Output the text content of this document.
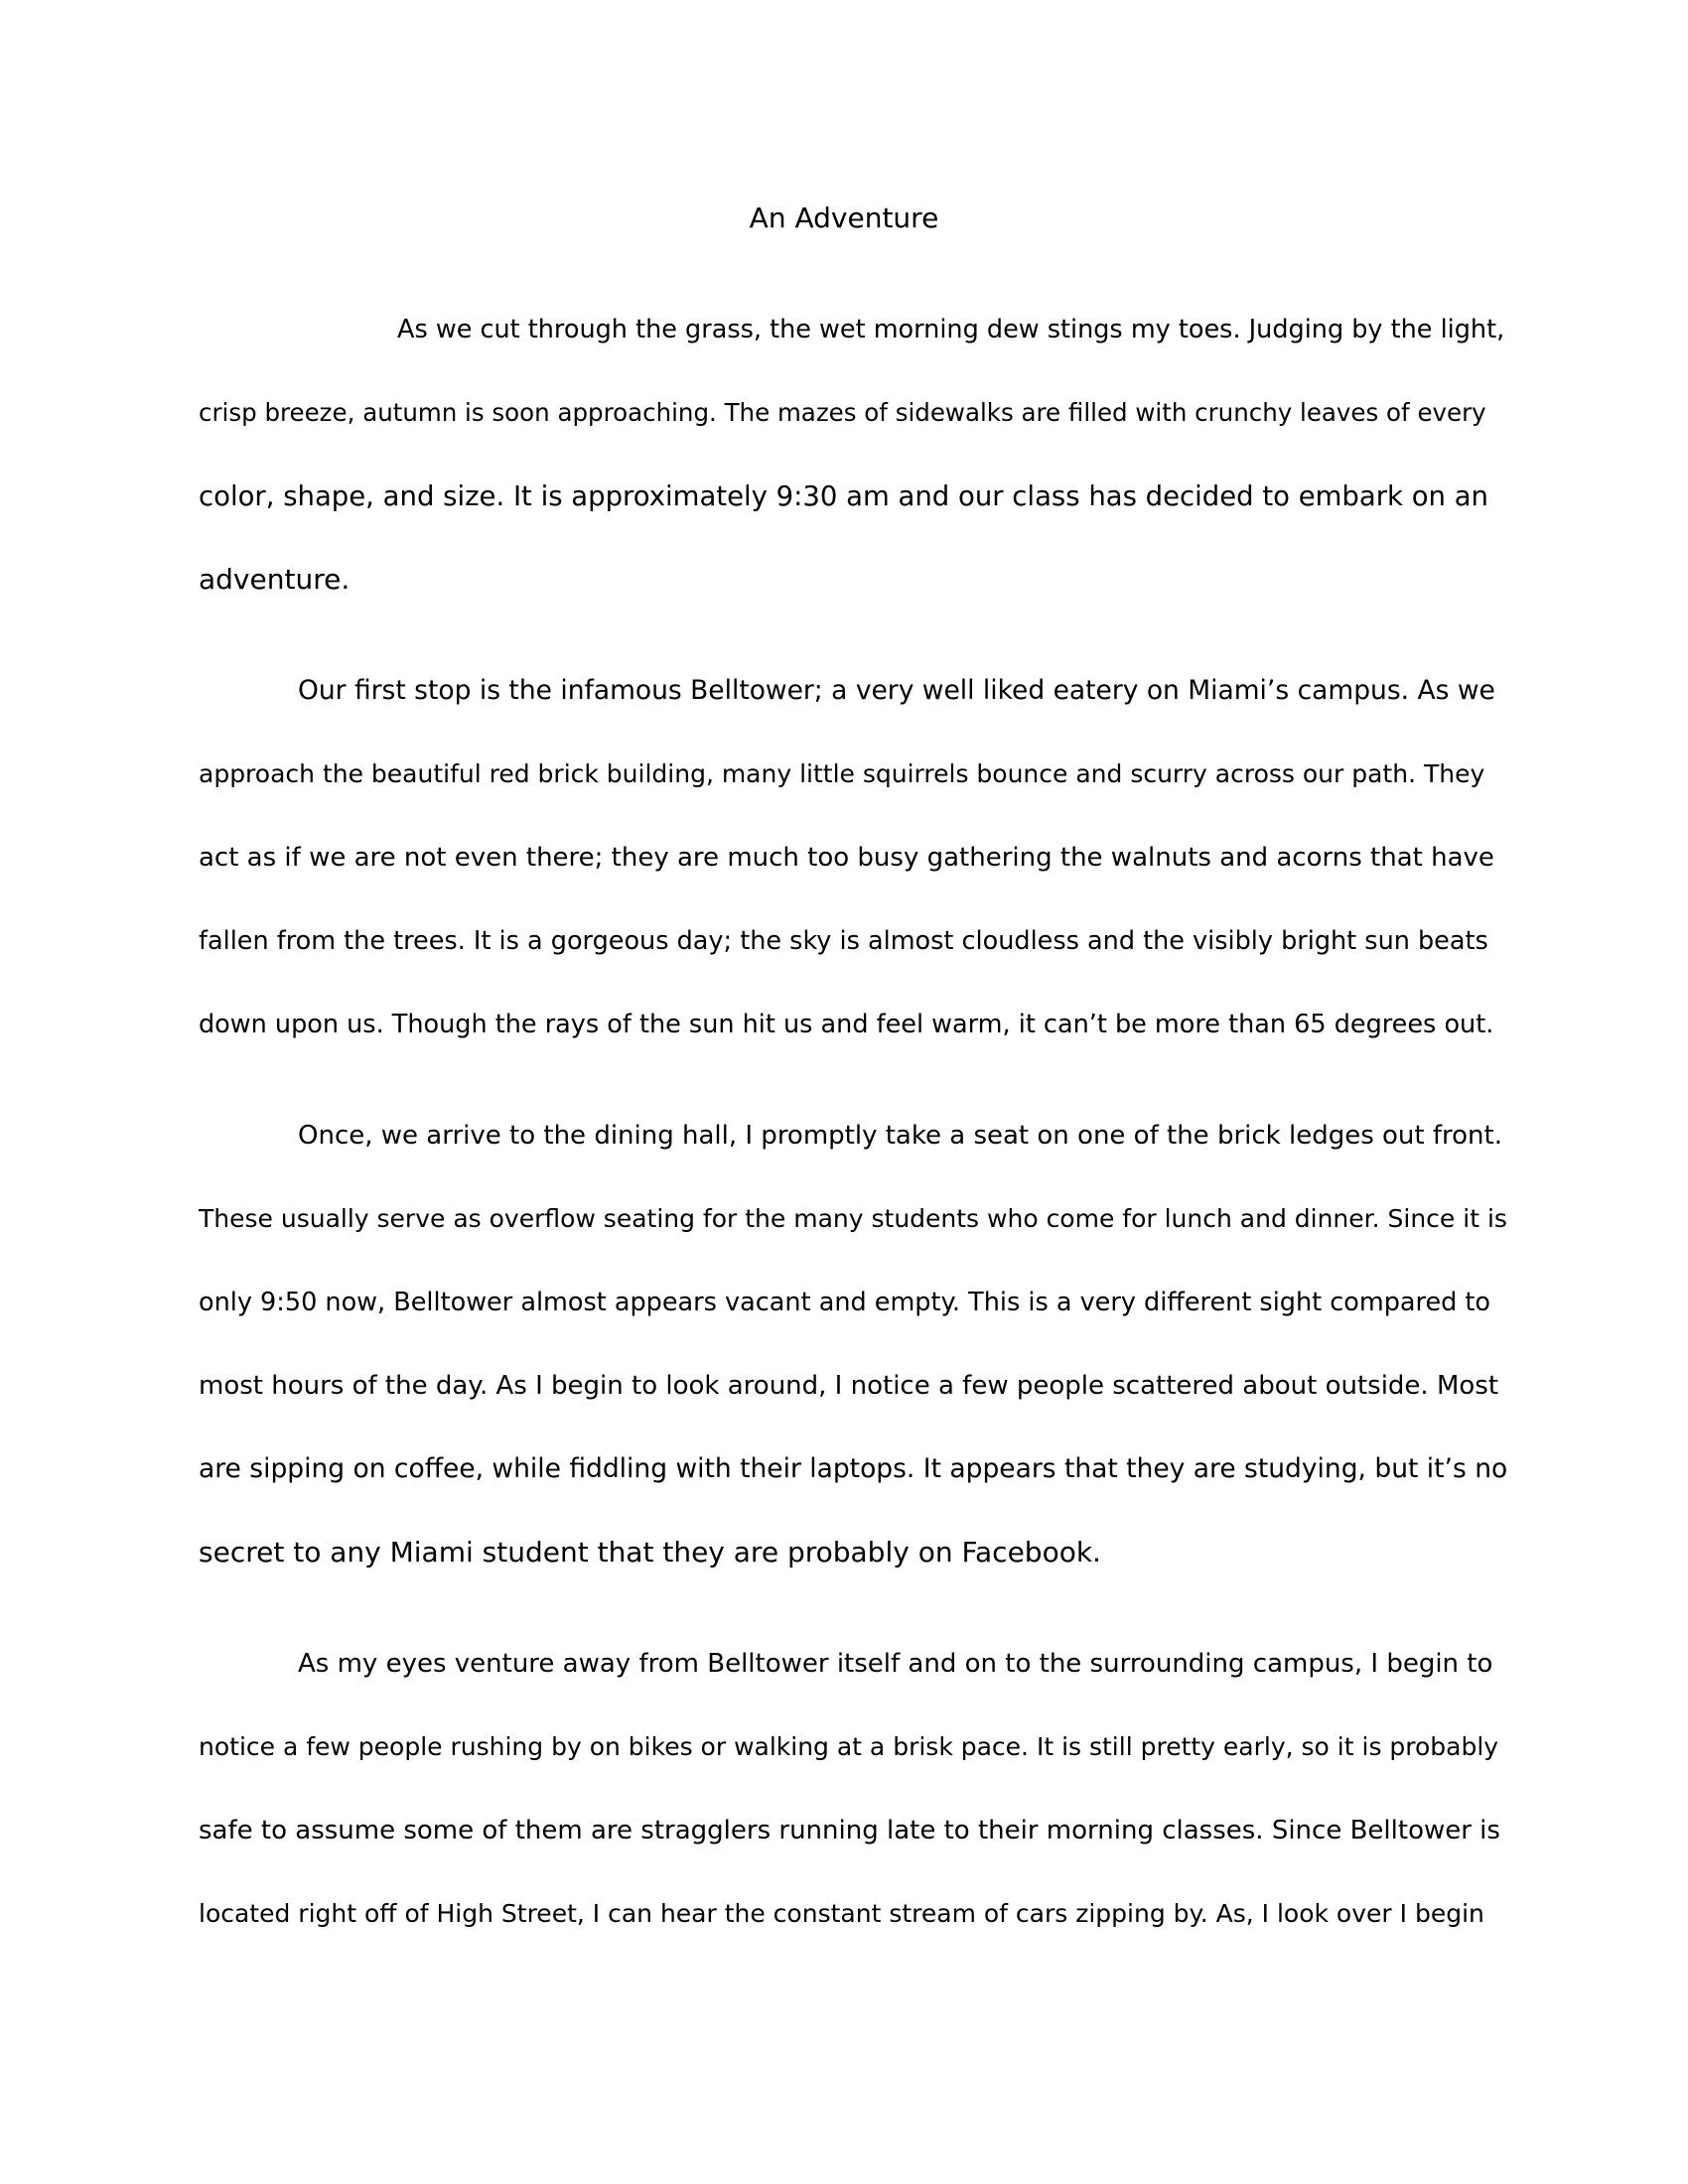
An Adventure
As we cut through the grass, the wet morning dew stings my toes. Judging by the light,
crisp breeze, autumn is soon approaching. The mazes of sidewalks are filled with crunchy leaves of every
color, shape, and size. It is approximately 9:30 am and our class has decided to embark on an
adventure.
Our first stop is the infamous Belltower; a very well liked eatery on Miami’s campus. As we
approach the beautiful red brick building, many little squirrels bounce and scurry across our path. They
act as if we are not even there; they are much too busy gathering the walnuts and acorns that have
fallen from the trees. It is a gorgeous day; the sky is almost cloudless and the visibly bright sun beats
down upon us. Though the rays of the sun hit us and feel warm, it can’t be more than 65 degrees out.
Once, we arrive to the dining hall, I promptly take a seat on one of the brick ledges out front.
These usually serve as overflow seating for the many students who come for lunch and dinner. Since it is
only 9:50 now, Belltower almost appears vacant and empty. This is a very different sight compared to
most hours of the day. As I begin to look around, I notice a few people scattered about outside. Most
are sipping on coffee, while fiddling with their laptops. It appears that they are studying, but it’s no
secret to any Miami student that they are probably on Facebook.
As my eyes venture away from Belltower itself and on to the surrounding campus, I begin to
notice a few people rushing by on bikes or walking at a brisk pace. It is still pretty early, so it is probably
safe to assume some of them are stragglers running late to their morning classes. Since Belltower is
located right off of High Street, I can hear the constant stream of cars zipping by. As, I look over I begin
